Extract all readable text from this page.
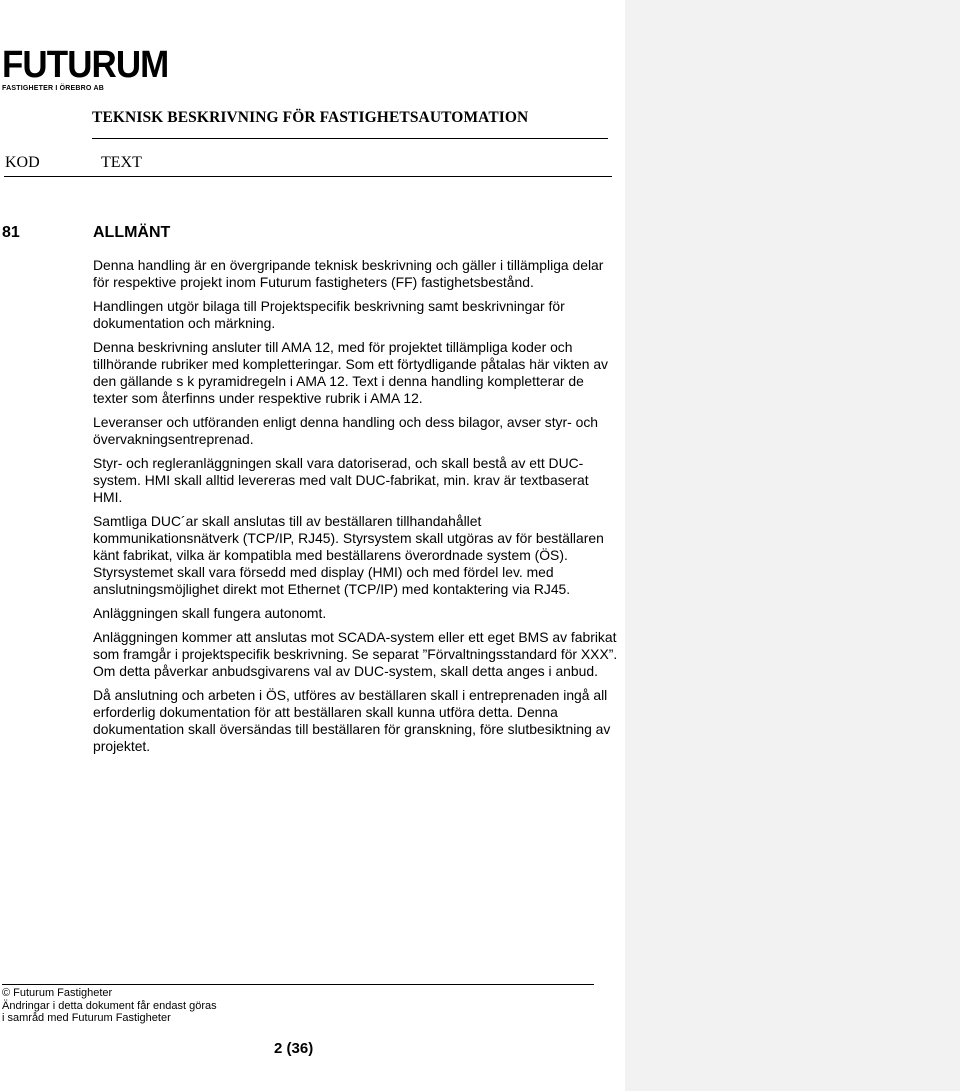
FUTURUM
FASTIGHETER I ÖREBRO AB
TEKNISK BESKRIVNING FÖR FASTIGHETSAUTOMATION
KOD	TEXT
81	ALLMÄNT

Denna handling är en övergripande teknisk beskrivning och gäller i tillämpliga delar för respektive projekt inom Futurum fastigheters (FF) fastighetsbestånd.

Handlingen utgör bilaga till Projektspecifik beskrivning samt beskrivningar för dokumentation och märkning.

Denna beskrivning ansluter till AMA 12, med för projektet tillämpliga koder och tillhörande rubriker med kompletteringar. Som ett förtydligande påtalas här vikten av den gällande s k pyramidregeln i AMA 12. Text i denna handling kompletterar de texter som återfinns under respektive rubrik i AMA 12.

Leveranser och utföranden enligt denna handling och dess bilagor, avser styr- och övervakningsentreprenad.

Styr- och regleranläggningen skall vara datoriserad, och skall bestå av ett DUC-system. HMI skall alltid levereras med valt DUC-fabrikat, min. krav är textbaserat HMI.

Samtliga DUC´ar skall anslutas till av beställaren tillhandahållet kommunikationsnätverk (TCP/IP, RJ45). Styrsystem skall utgöras av för beställaren känt fabrikat, vilka är kompatibla med beställarens överordnade system (ÖS). Styrsystemet skall vara försedd med display (HMI) och med fördel lev. med anslutningsmöjlighet direkt mot Ethernet (TCP/IP) med kontaktering via RJ45.

Anläggningen skall fungera autonomt.

Anläggningen kommer att anslutas mot SCADA-system eller ett eget BMS av fabrikat som framgår i projektspecifik beskrivning. Se separat ”Förvaltningsstandard för XXX”. Om detta påverkar anbudsgivarens val av DUC-system, skall detta anges i anbud.

Då anslutning och arbeten i ÖS, utföres av beställaren skall i entreprenaden ingå all erforderlig dokumentation för att beställaren skall kunna utföra detta. Denna dokumentation skall översändas till beställaren för granskning, före slutbesiktning av projektet.

© Futurum Fastigheter
Ändringar i detta dokument får endast göras
i samråd med Futurum Fastigheter
2 (36)
